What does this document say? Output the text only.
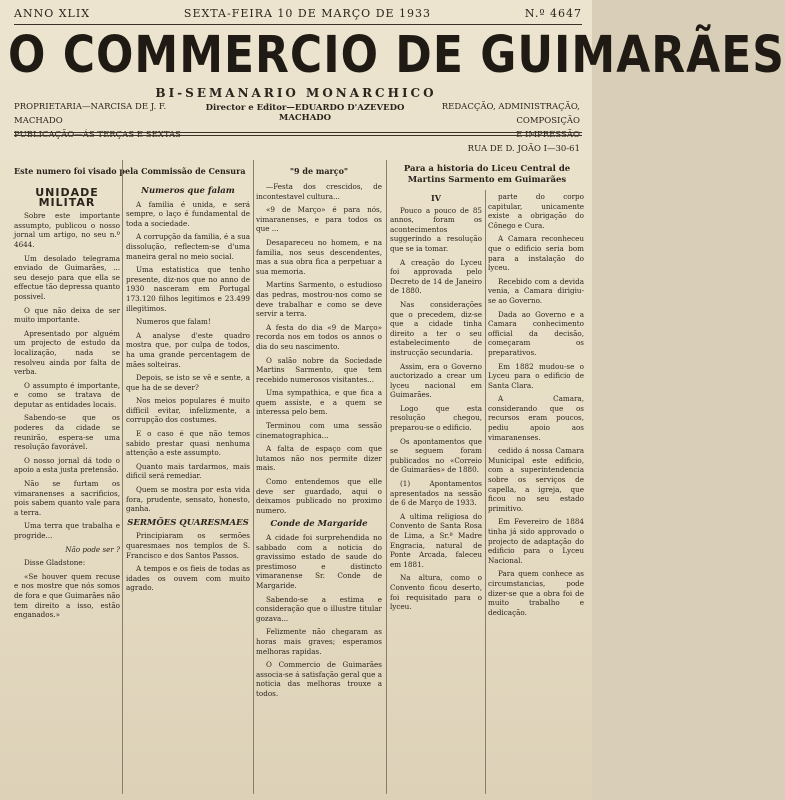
ANNO XLIX	SEXTA-FEIRA 10 DE MARÇO DE 1933	N.º 4647
O COMMERCIO DE GUIMARÃES
BI-SEMANARIO MONARCHICO
PROPRIETARIA—NARCISA DE J. F. MACHADO
PUBLICAÇÃO—ÁS TERÇAS E SEXTAS
Director e Editor—EDUARDO D'AZEVEDO MACHADO
REDACÇÃO, ADMINISTRAÇÃO, COMPOSIÇÃO
E IMPRESSÃO
RUA DE D. JOÃO I—30-61
Este numero foi visado pela Commissão de Censura	"9 de março"	Para a historia do Liceu Central de Martins Sarmento em Guimarães
UNIDADE MILITAR

Sobre este importante assumpto, publicou o nosso jornal um artigo, no seu n.º 4644.

Um desolado telegrama enviado de Guimarães, ... seu desejo para que ella se effectue tão depressa quanto possivel.

O que não deixa de ser muito importante.

Apresentado por alguém um projecto de estudo da localização, nada se resolveu ainda por falta de verba.

O assumpto é importante, e como se tratava de deputar as entidades locais.

Sabendo-se que os poderes da cidade se reunirão, espera-se uma resolução favorável.

O nosso jornal dá todo o apoio a esta justa pretensão.

Não se furtam os vimaranenses a sacrificios, pois sabem quanto vale para a terra.

Uma terra que trabalha e progride...

Não pode ser ?

Disse Gladstone:

«Se houver quem recuse e nos mostre que nós somos de fora e que Guimarães não tem direito a isso, estão enganados.»

Numeros que falam

A familia é unida, e será sempre, o laço é fundamental de toda a sociedade.

A corrupção da familia, é a sua dissolução, reflectem-se d'uma maneira geral no meio social.

Uma estatistica que tenho presente, diz-nos que no anno de 1930 nasceram em Portugal 173.120 filhos legitimos e 23.499 illegitimos.

Numeros que falam!

A analyse d'este quadro mostra que, por culpa de todos, ha uma grande percentagem de mães solteiras.

Depois, se isto se vê e sente, a que ha de se dever?

Nos meios populares é muito difficil evitar, infelizmente, a corrupção dos costumes.

E o caso é que não temos sabido prestar quasi nenhuma attenção a este assumpto.

Quanto mais tardarmos, mais dificil será remediar.

Quem se mostra por esta vida fora, prudente, sensato, honesto, ganha.

SERMÕES QUARESMAES

Principiaram os sermões quaresmaes nos templos de S. Francisco e dos Santos Passos.

A tempos e os fieis de todas as idades os ouvem com muito agrado.

—Festa dos crescidos, de incontestavel cultura...

«9 de Março» é para nós, vimaranenses, e para todos os que ...

Desapareceu no homem, e na familia, nos seus descendentes, mas a sua obra fica a perpetuar a sua memoria.

Martins Sarmento, o estudioso das pedras, mostrou-nos como se deve trabalhar e como se deve servir a terra.

A festa do dia «9 de Março» recorda nos em todos os annos o dia do seu nascimento.

O salão nobre da Sociedade Martins Sarmento, que tem recebido numerosos visitantes...

Uma sympathica, e que fica a quem assiste, e a quem se interessa pelo bem.

Terminou com uma sessão cinematographica...

A falta de espaço com que lutamos não nos permite dizer mais.

Como entendemos que elle deve ser guardado, aqui o deixamos publicado no proximo numero.

Conde de Margaride

A cidade foi surprehendida no sabbado com a noticia do gravissimo estado de saude do prestimoso e distincto vimaranense Sr. Conde de Margaride.

Sabendo-se a estima e consideração que o illustre titular gozava...

Felizmente não chegaram as horas mais graves; esperamos melhoras rapidas.

O Commercio de Guimarães associa-se á satisfação geral que a noticia das melhoras trouxe a todos.

IV

Pouco a pouco de 85 annos, foram os acontecimentos suggerindo a resolução que se ia tomar.

A creação do Lyceu foi approvada pelo Decreto de 14 de Janeiro de 1880.

Nas considerações que o precedem, diz-se que a cidade tinha direito a ter o seu estabelecimento de instrucção secundaria.

Assim, era o Governo auctorizado a crear um lyceu nacional em Guimarães.

Logo que esta resolução chegou, preparou-se o edificio.

Os apontamentos que se seguem foram publicados no «Correio de Guimarães» de 1880.

(1) Apontamentos apresentados na sessão de 6 de Março de 1933.

A ultima religiosa do Convento de Santa Rosa de Lima, a Sr.ª Madre Engracia, natural de Ponte Arcada, faleceu em 1881.

Na altura, como o Convento ficou deserto, foi requisitado para o lyceu.

parte do corpo capitular, unicamente existe a obrigação do Cônego e Cura.

A Camara reconheceu que o edificio seria bom para a instalação do lyceu.

Recebido com a devida venia, a Camara dirigiu-se ao Governo.

Dada ao Governo e a Camara conhecimento official da decisão, começaram os preparativos.

Em 1882 mudou-se o Lyceu para o edificio de Santa Clara.

A Camara, considerando que os recursos eram poucos, pediu apoio aos vimaranenses.

cedido á nossa Camara Municipal este edificio, com a superintendencia sobre os serviços de capella, a igreja, que ficou no seu estado primitivo.

Em Fevereiro de 1884 tinha já sido approvado o projecto de adaptação do edificio para o Lyceu Nacional.

Para quem conhece as circumstancias, pode dizer-se que a obra foi de muito trabalho e dedicação.
